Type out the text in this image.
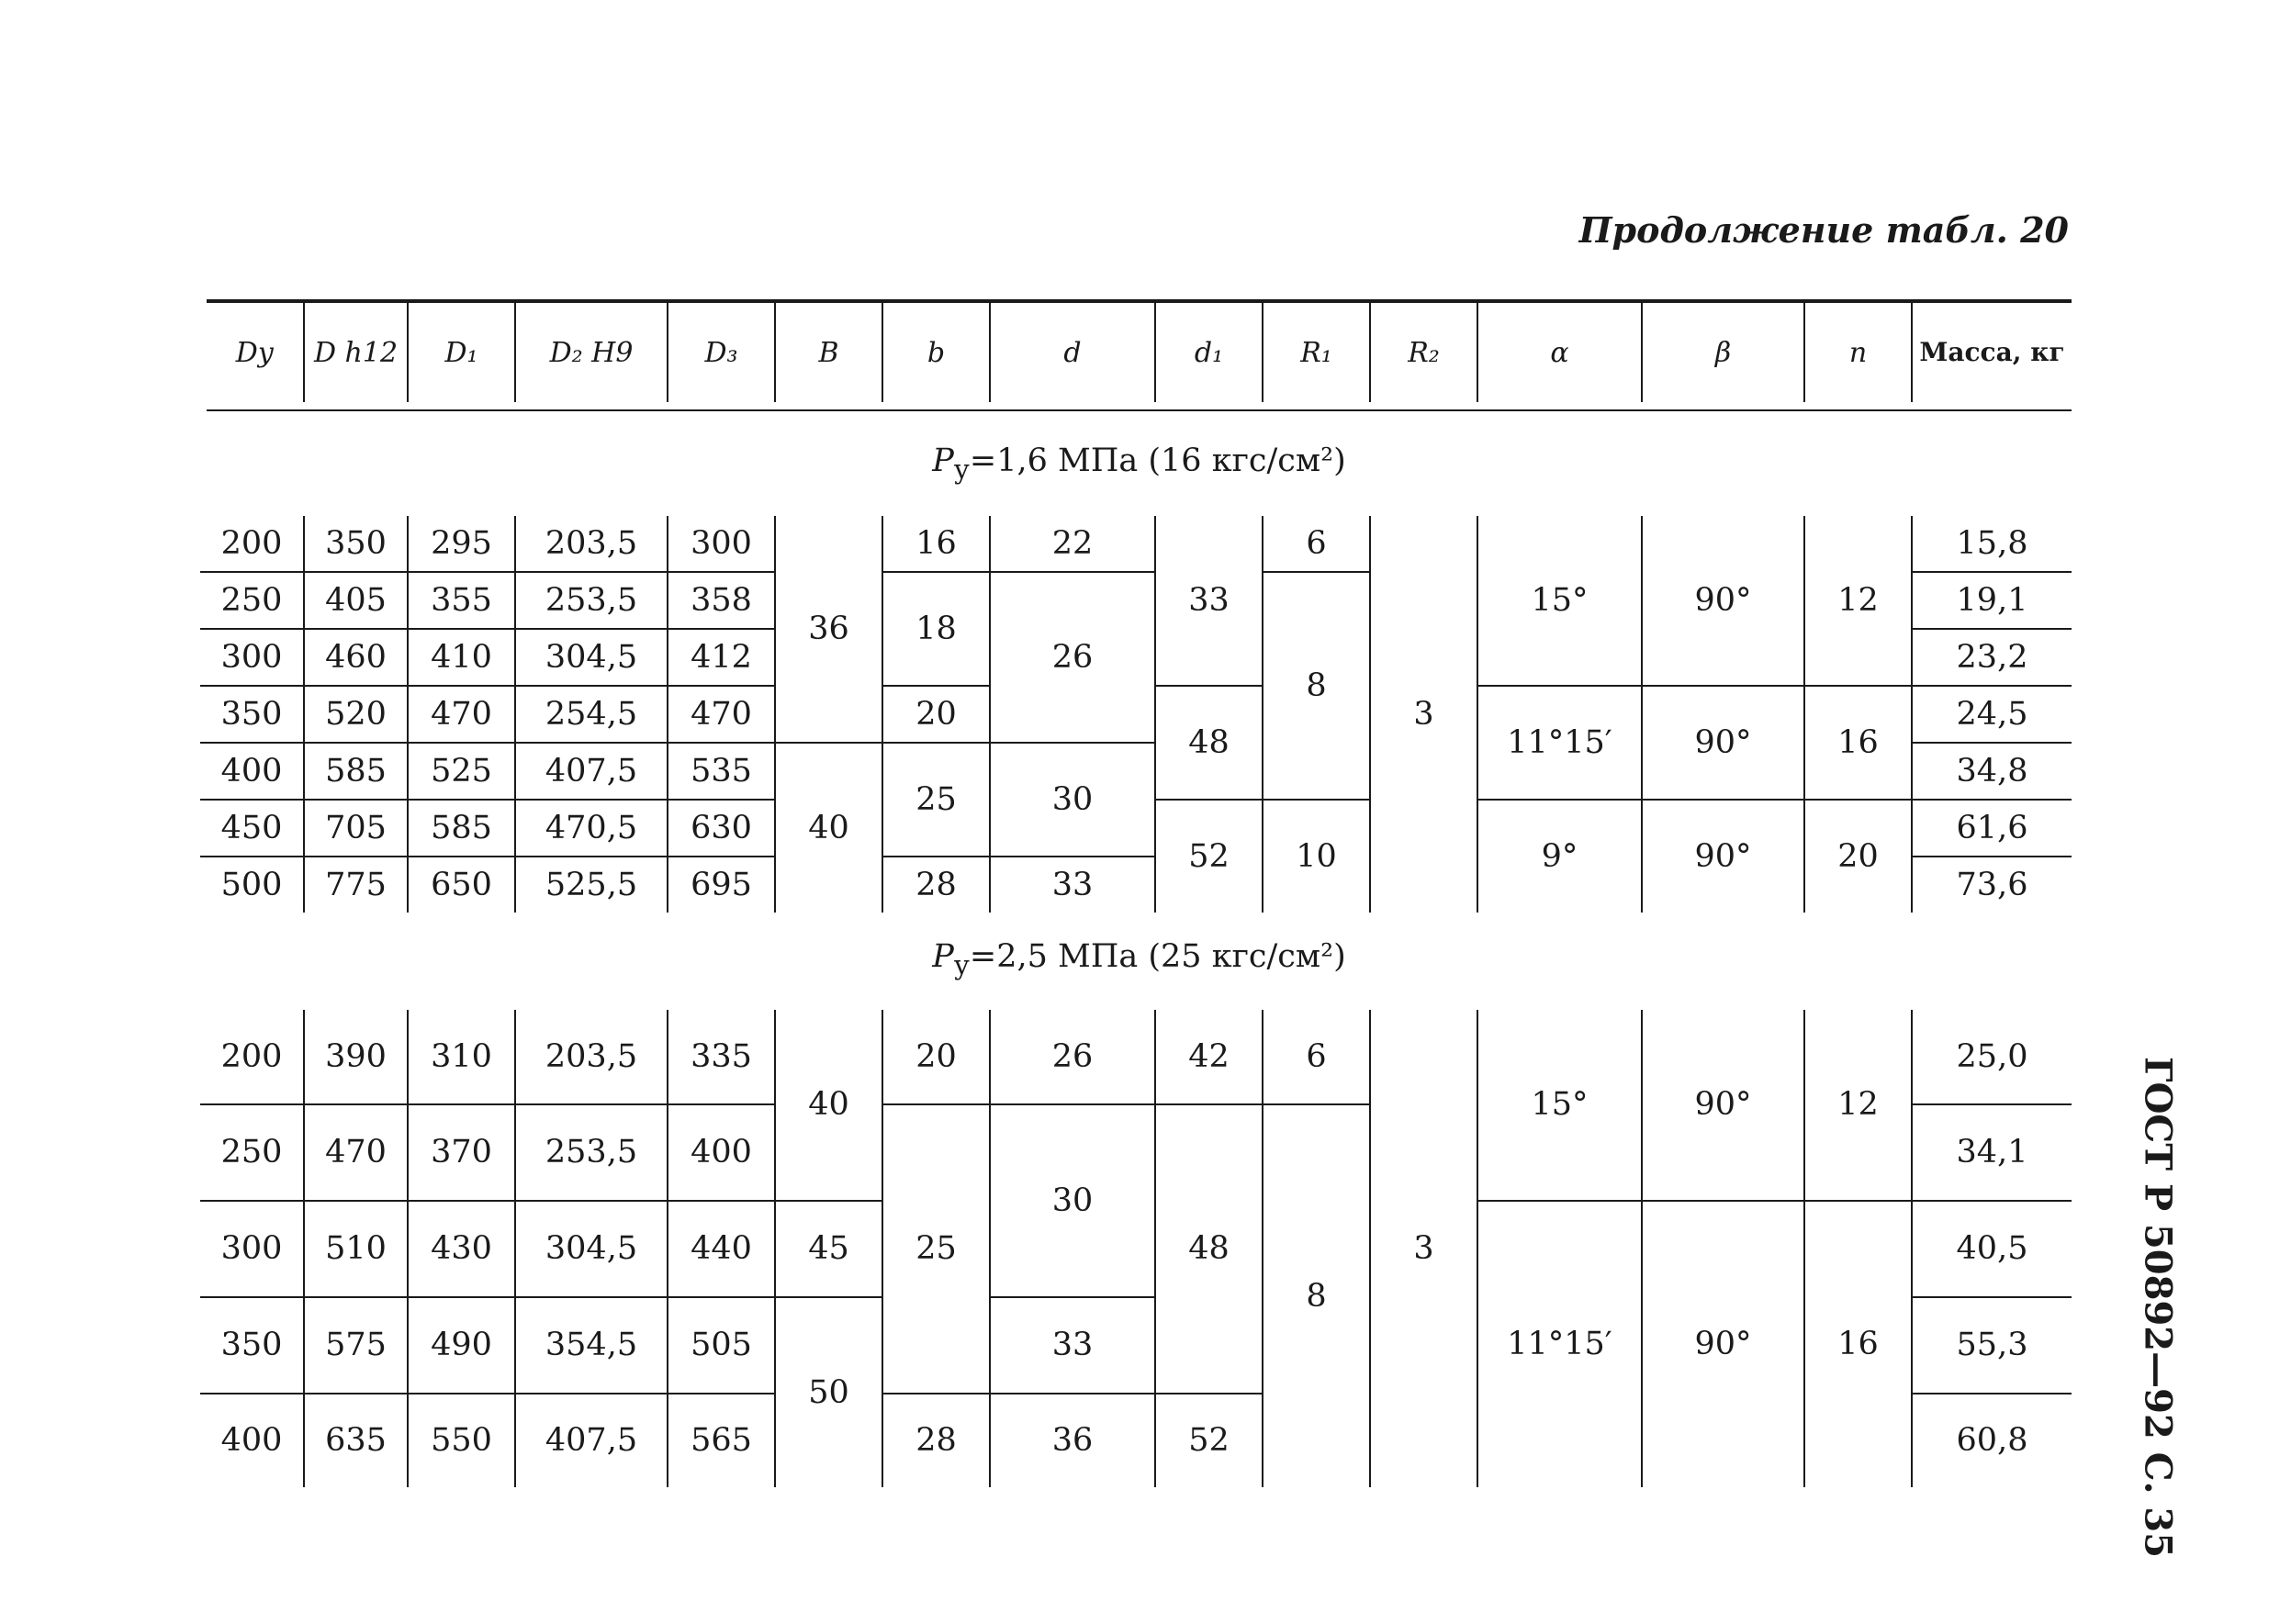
Продолжение табл. 20
ГОСТ Р 50892—92 С. 35
Dу	D h12	D₁	D₂ H9	D₃	B	b	d	d₁	R₁	R₂	α	β	n	Масса, кг
$P_у=1,6$ МПа (16 кгс/см²)
200	350	295	203,5	300	36	16	22	33	6	3	15°	90°	12	15,8
250	405	355	253,5	358		18	26		8					19,1
300	460	410	304,5	412										23,2
350	520	470	254,5	470		20		48			11°15′	90°	16	24,5
400	585	525	407,5	535	40	25	30							34,8
450	705	585	470,5	630				52	10		9°	90°	20	61,6
500	775	650	525,5	695		28	33							73,6
$P_у=2,5$ МПа (25 кгс/см²)
200	390	310	203,5	335	40	20	26	42	6	3	15°	90°	12	25,0
250	470	370	253,5	400		25	30	48	8					34,1
300	510	430	304,5	440	45						11°15′	90°	16	40,5
350	575	490	354,5	505	50		33							55,3
400	635	550	407,5	565		28	36	52						60,8
